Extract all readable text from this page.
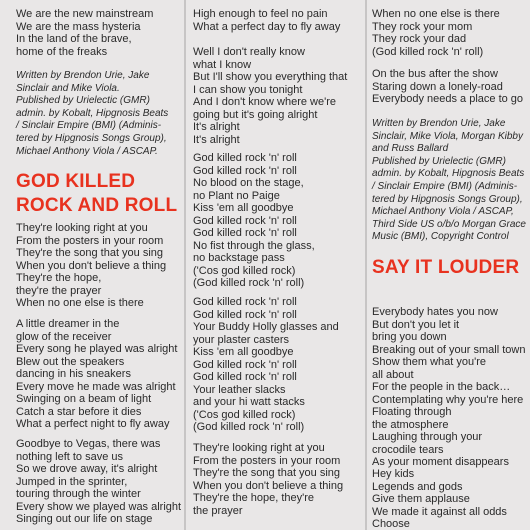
We are the new mainstream
We are the mass hysteria
In the land of the brave,
home of the freaks
Written by Brendon Urie, Jake
Sinclair and Mike Viola.
Published by Urielectic (GMR)
admin. by Kobalt, Hipgnosis Beats
/ Sinclair Empire (BMI) (Adminis-
tered by Hipgnosis Songs Group),
Michael Anthony Viola / ASCAP.
GOD KILLED
ROCK AND ROLL
They're looking right at you
From the posters in your room
They're the song that you sing
When you don't believe a thing
They're the hope,
they're the prayer
When no one else is there
A little dreamer in the
glow of the receiver
Every song he played was alright
Blew out the speakers
dancing in his sneakers
Every move he made was alright
Swinging on a beam of light
Catch a star before it dies
What a perfect night to fly away
Goodbye to Vegas, there was
nothing left to save us
So we drove away, it's alright
Jumped in the sprinter,
touring through the winter
Every show we played was alright
Singing out our life on stage
High enough to feel no pain
What a perfect day to fly away
Well I don't really know
what I know
But I'll show you everything that
I can show you tonight
And I don't know where we're
going but it's going alright
It's alright
It's alright
God killed rock 'n' roll
God killed rock 'n' roll
No blood on the stage,
no Plant no Paige
Kiss 'em all goodbye
God killed rock 'n' roll
God killed rock 'n' roll
No fist through the glass,
no backstage pass
('Cos god killed rock)
(God killed rock 'n' roll)
God killed rock 'n' roll
God killed rock 'n' roll
Your Buddy Holly glasses and
your plaster casters
Kiss 'em all goodbye
God killed rock 'n' roll
God killed rock 'n' roll
Your leather slacks
and your hi watt stacks
('Cos god killed rock)
(God killed rock 'n' roll)
They're looking right at you
From the posters in your room
They're the song that you sing
When you don't believe a thing
They're the hope, they're
the prayer
When no one else is there
They rock your mom
They rock your dad
(God killed rock 'n' roll)
On the bus after the show
Staring down a lonely-road
Everybody needs a place to go
Written by Brendon Urie, Jake
Sinclair, Mike Viola, Morgan Kibby
and Russ Ballard
Published by Urielectic (GMR)
admin. by Kobalt, Hipgnosis Beats
/ Sinclair Empire (BMI) (Adminis-
tered by Hipgnosis Songs Group),
Michael Anthony Viola / ASCAP,
Third Side US o/b/o Morgan Grace
Music (BMI), Copyright Control
SAY IT LOUDER
Everybody hates you now
But don't you let it
bring you down
Breaking out of your small town
Show them what you're
all about
For the people in the back…
Contemplating why you're here
Floating through
the atmosphere
Laughing through your
crocodile tears
As your moment disappears
Hey kids
Legends and gods
Give them applause
We made it against all odds
Choose
